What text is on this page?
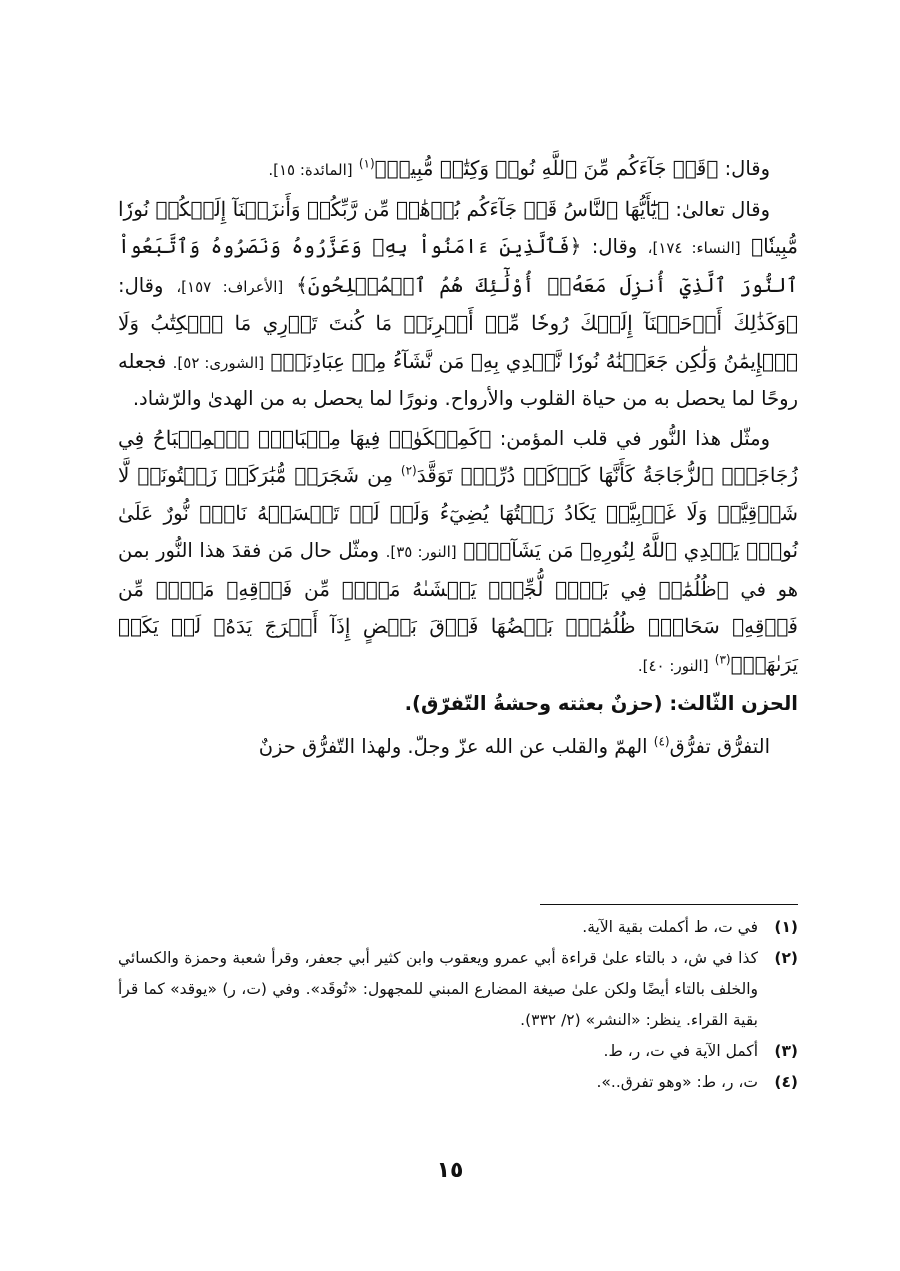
وقال: ﴿قَدۡ جَآءَكُم مِّنَ ٱللَّهِ نُورٞ وَكِتَٰبٞ مُّبِينٞ﴾$^{(١)}$ [المائدة: ١٥].

وقال تعالىٰ: ﴿يَٰٓأَيُّهَا ٱلنَّاسُ قَدۡ جَآءَكُم بُرۡهَٰنٞ مِّن رَّبِّكُمۡ وَأَنزَلۡنَآ إِلَيۡكُمۡ نُورٗا مُّبِينٗا﴾ [النساء: ١٧٤]، وقال: ﴿فَٱلَّذِينَ ءَامَنُواْ بِهِۦ وَعَزَّرُوهُ وَنَصَرُوهُ وَٱتَّبَعُواْ ٱلنُّورَ ٱلَّذِيٓ أُنزِلَ مَعَهُۥٓ أُوْلَٰٓئِكَ هُمُ ٱلۡمُفۡلِحُونَ﴾ [الأعراف: ١٥٧]، وقال: ﴿وَكَذَٰلِكَ أَوۡحَيۡنَآ إِلَيۡكَ رُوحٗا مِّنۡ أَمۡرِنَاۚ مَا كُنتَ تَدۡرِي مَا ٱلۡكِتَٰبُ وَلَا ٱلۡإِيمَٰنُ وَلَٰكِن جَعَلۡنَٰهُ نُورٗا نَّهۡدِي بِهِۦ مَن نَّشَآءُ مِنۡ عِبَادِنَاۚ﴾ [الشورى: ٥٢]. فجعله روحًا لما يحصل به من حياة القلوب والأرواح. ونورًا لما يحصل به من الهدىٰ والرّشاد.

ومثّل هذا النُّور في قلب المؤمن: ﴿كَمِشۡكَوٰةٖ فِيهَا مِصۡبَاحٌۖ ٱلۡمِصۡبَاحُ فِي زُجَاجَةٍۖ ٱلزُّجَاجَةُ كَأَنَّهَا كَوۡكَبٞ دُرِّيّٞ تَوَقَّدَ$^{(٢)}$ مِن شَجَرَةٖ مُّبَٰرَكَةٖ زَيۡتُونَةٖ لَّا شَرۡقِيَّةٖ وَلَا غَرۡبِيَّةٖ يَكَادُ زَيۡتُهَا يُضِيٓءُ وَلَوۡ لَمۡ تَمۡسَسۡهُ نَارٞۚ نُّورٌ عَلَىٰ نُورٖۚ يَهۡدِي ٱللَّهُ لِنُورِهِۦ مَن يَشَآءُۚ﴾ [النور: ٣٥]. ومثّل حال مَن فقدَ هذا النُّور بمن هو في ﴿ظُلُمَٰتٖ فِي بَحۡرٖ لُّجِّيّٖ يَغۡشَىٰهُ مَوۡجٞ مِّن فَوۡقِهِۦ مَوۡجٞ مِّن فَوۡقِهِۦ سَحَابٞۚ ظُلُمَٰتُۢ بَعۡضُهَا فَوۡقَ بَعۡضٍ إِذَآ أَخۡرَجَ يَدَهُۥ لَمۡ يَكَدۡ يَرَىٰهَاۗ﴾$^{(٣)}$ [النور: ٤٠].

الحزن الثّالث: (حزنٌ بعثته وحشةُ التّفرّق).

التفرُّق تفرُّق$^{(٤)}$ الهمّ والقلب عن الله عزّ وجلّ. ولهذا التّفرُّق حزنٌ

(١)
في ت، ط أكملت بقية الآية.
(٢)
كذا في ش، د بالتاء علىٰ قراءة أبي عمرو ويعقوب وابن كثير أبي جعفر، وقرأ شعبة وحمزة والكسائي والخلف بالتاء أيضًا ولكن علىٰ صيغة المضارع المبني للمجهول: «تُوقَد». وفي (ت، ر) «يوقد» كما قرأ بقية القراء. ينظر: «النشر» (٢/ ٣٣٢).
(٣)
أكمل الآية في ت، ر، ط.
(٤)
ت، ر، ط: «وهو تفرق..».
١٥
